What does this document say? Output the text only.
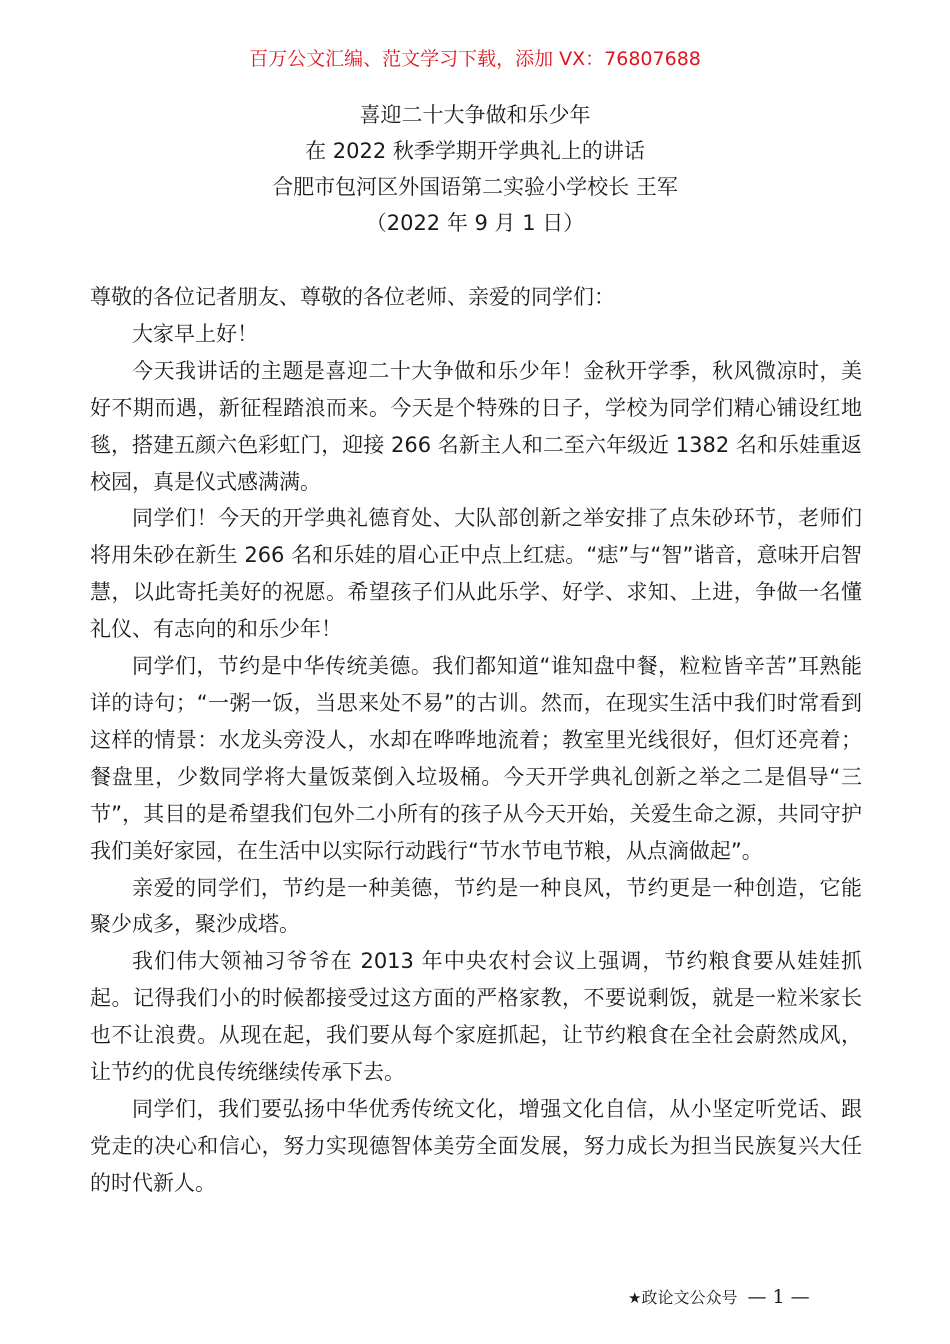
百万公文汇编、范文学习下载，添加 VX：76807688
喜迎二十大争做和乐少年
在 2022 秋季学期开学典礼上的讲话
合肥市包河区外国语第二实验小学校长 王军
（2022 年 9 月 1 日）

尊敬的各位记者朋友、尊敬的各位老师、亲爱的同学们：

大家早上好！

今天我讲话的主题是喜迎二十大争做和乐少年！金秋开学季，秋风微凉时，美好不期而遇，新征程踏浪而来。今天是个特殊的日子，学校为同学们精心铺设红地毯，搭建五颜六色彩虹门，迎接 266 名新主人和二至六年级近 1382 名和乐娃重返校园，真是仪式感满满。

同学们！今天的开学典礼德育处、大队部创新之举安排了点朱砂环节，老师们将用朱砂在新生 266 名和乐娃的眉心正中点上红痣。“痣”与“智”谐音，意味开启智慧，以此寄托美好的祝愿。希望孩子们从此乐学、好学、求知、上进，争做一名懂礼仪、有志向的和乐少年！

同学们，节约是中华传统美德。我们都知道“谁知盘中餐，粒粒皆辛苦”耳熟能详的诗句；“一粥一饭，当思来处不易”的古训。然而，在现实生活中我们时常看到这样的情景：水龙头旁没人，水却在哗哗地流着；教室里光线很好，但灯还亮着；餐盘里，少数同学将大量饭菜倒入垃圾桶。今天开学典礼创新之举之二是倡导“三节”，其目的是希望我们包外二小所有的孩子从今天开始，关爱生命之源，共同守护我们美好家园，在生活中以实际行动践行“节水节电节粮，从点滴做起”。

亲爱的同学们，节约是一种美德，节约是一种良风，节约更是一种创造，它能聚少成多，聚沙成塔。

我们伟大领袖习爷爷在 2013 年中央农村会议上强调，节约粮食要从娃娃抓起。记得我们小的时候都接受过这方面的严格家教，不要说剩饭，就是一粒米家长也不让浪费。从现在起，我们要从每个家庭抓起，让节约粮食在全社会蔚然成风，让节约的优良传统继续传承下去。

同学们，我们要弘扬中华优秀传统文化，增强文化自信，从小坚定听党话、跟党走的决心和信心，努力实现德智体美劳全面发展，努力成长为担当民族复兴大任的时代新人。

★政论文公众号 — 1 —
